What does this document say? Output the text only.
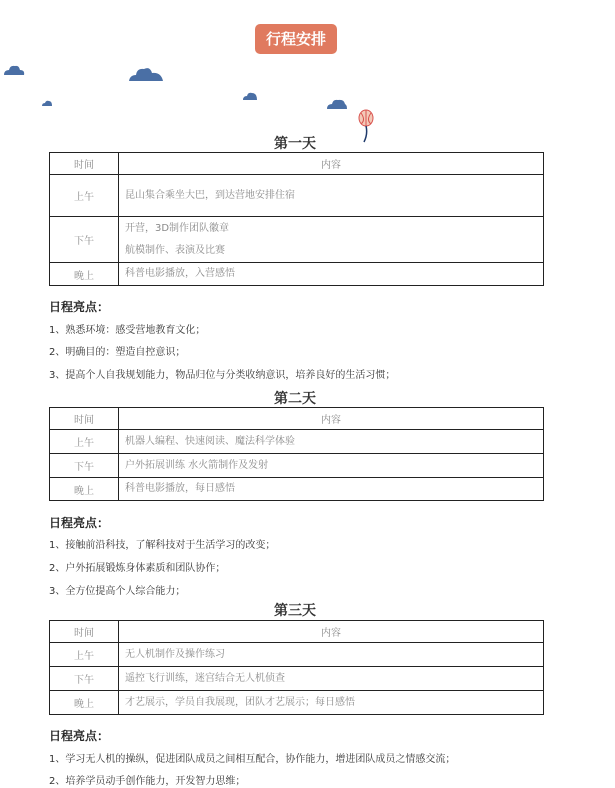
行程安排
第一天
时间	内容
上午	昆山集合乘坐大巴，到达营地安排住宿

下午	开营，3D制作团队徽章
航模制作、表演及比赛

晚上	科普电影播放，入营感悟
日程亮点：
1、熟悉环境：感受营地教育文化；
2、明确目的：塑造自控意识；
3、提高个人自我规划能力，物品归位与分类收纳意识，培养良好的生活习惯；
第二天
时间	内容
上午	机器人编程、快速阅读、魔法科学体验

下午	户外拓展训练 水火箭制作及发射

晚上	科普电影播放，每日感悟
日程亮点：
1、接触前沿科技，了解科技对于生活学习的改变；
2、户外拓展锻炼身体素质和团队协作；
3、全方位提高个人综合能力；
第三天
时间	内容
上午	无人机制作及操作练习

下午	遥控飞行训练，迷宫结合无人机侦查

晚上	才艺展示，学员自我展现，团队才艺展示；每日感悟
日程亮点：
1、学习无人机的操纵，促进团队成员之间相互配合，协作能力，增进团队成员之情感交流；
2、培养学员动手创作能力，开发智力思维；
